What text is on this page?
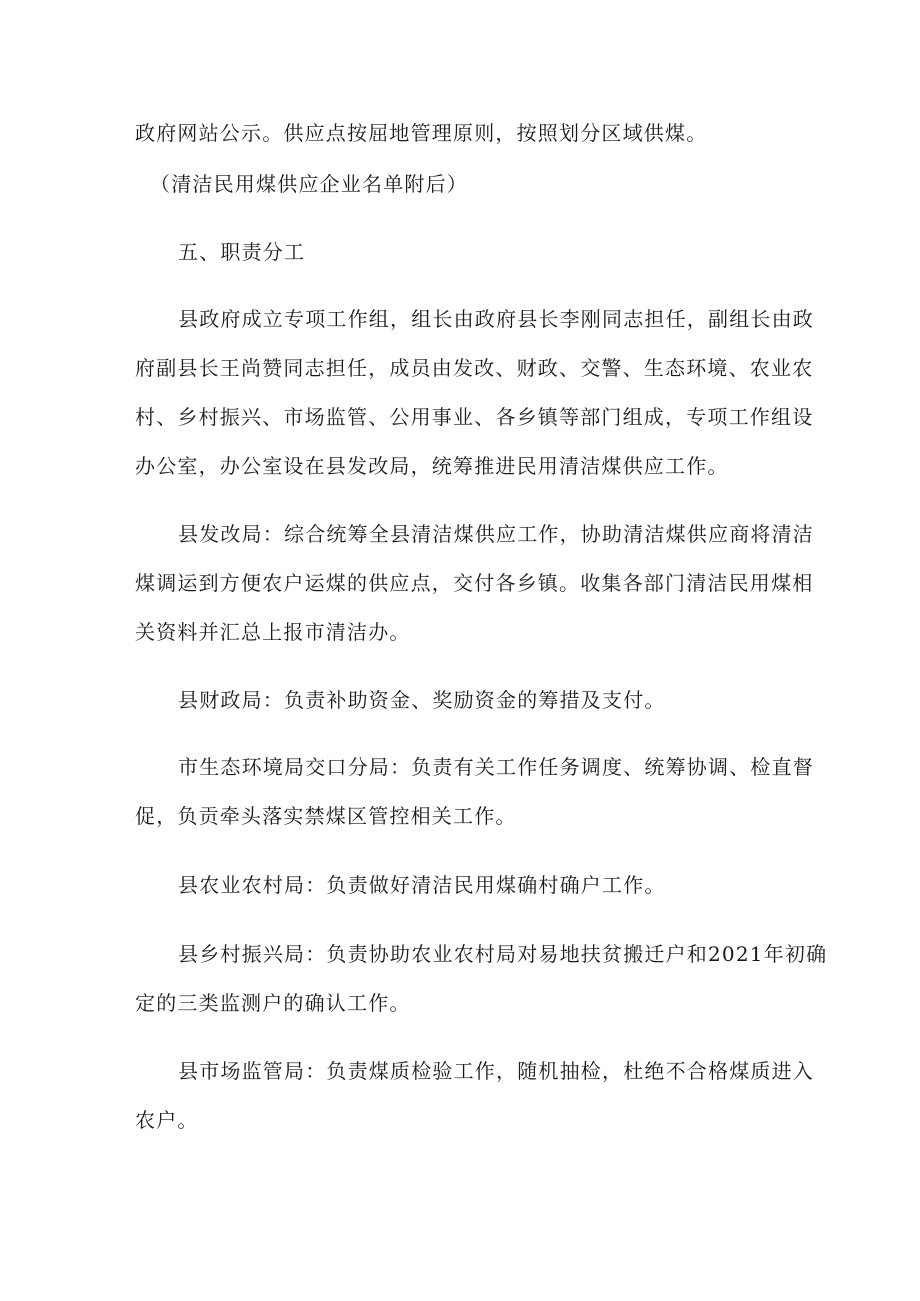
政府网站公示。供应点按屈地管理原则，按照划分区域供煤。
（清洁民用煤供应企业名单附后）
五、职责分工
县政府成立专项工作组，组长由政府县长李刚同志担任，副组长由政
府副县长王尚赞同志担任，成员由发改、财政、交警、生态环境、农业农
村、乡村振兴、市场监管、公用事业、各乡镇等部门组成，专项工作组设
办公室，办公室设在县发改局，统筹推进民用清洁煤供应工作。
县发改局：综合统筹全县清洁煤供应工作，协助清洁煤供应商将清洁
煤调运到方便农户运煤的供应点，交付各乡镇。收集各部门清洁民用煤相
关资料并汇总上报市清洁办。
县财政局：负责补助资金、奖励资金的筹措及支付。
市生态环境局交口分局：负责有关工作任务调度、统筹协调、检直督
促，负贡牵头落实禁煤区管控相关工作。
县农业农村局：负责做好清洁民用煤确村确户工作。
县乡村振兴局：负责协助农业农村局对易地扶贫搬迁户和2021年初确
定的三类监测户的确认工作。
县市场监管局：负责煤质检验工作，随机抽检，杜绝不合格煤质进入
农户。
